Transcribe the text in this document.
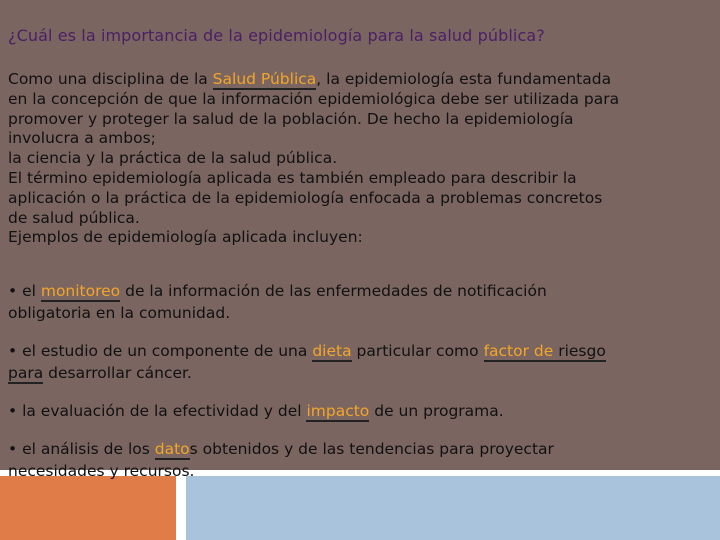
¿Cuál es la importancia de la epidemiología para la salud pública?
Como una disciplina de la Salud Pública, la epidemiología esta fundamentada
en la concepción de que la información epidemiológica debe ser utilizada para
promover y proteger la salud de la población. De hecho la epidemiología
involucra a ambos;
la ciencia y la práctica de la salud pública.
El término epidemiología aplicada es también empleado para describir la
aplicación o la práctica de la epidemiología enfocada a problemas concretos
de salud pública.
Ejemplos de epidemiología aplicada incluyen:
• el monitoreo de la información de las enfermedades de notificación
obligatoria en la comunidad.
• el estudio de un componente de una dieta particular como factor de riesgo
para desarrollar cáncer.
• la evaluación de la efectividad y del impacto de un programa.
• el análisis de los datos obtenidos y de las tendencias para proyectar
necesidades y recursos.
